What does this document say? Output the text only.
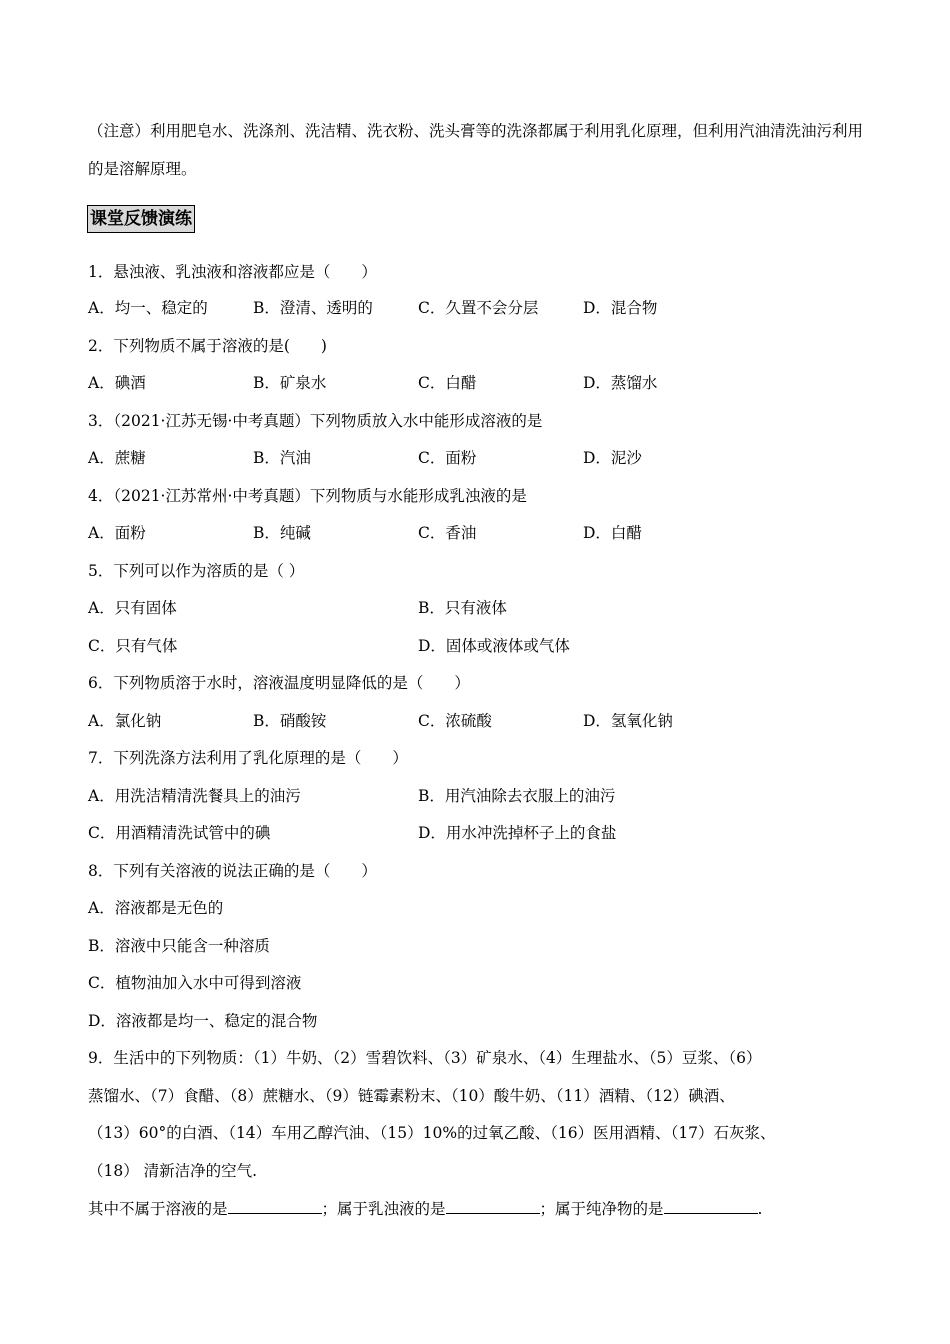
（注意）利用肥皂水、洗涤剂、洗洁精、洗衣粉、洗头膏等的洗涤都属于利用乳化原理，但利用汽油清洗油污利用的是溶解原理。
课堂反馈演练
1．悬浊液、乳浊液和溶液都应是（　　）
A．均一、稳定的	B．澄清、透明的	C．久置不会分层	D．混合物
2．下列物质不属于溶液的是(　　)
A．碘酒	B．矿泉水	C．白醋	D．蒸馏水
3．（2021·江苏无锡·中考真题）下列物质放入水中能形成溶液的是
A．蔗糖	B．汽油	C．面粉	D．泥沙
4．（2021·江苏常州·中考真题）下列物质与水能形成乳浊液的是
A．面粉	B．纯碱	C．香油	D．白醋
5．下列可以作为溶质的是（ ）
A．只有固体	B．只有液体
C．只有气体	D．固体或液体或气体
6．下列物质溶于水时，溶液温度明显降低的是（　　）
A．氯化钠	B．硝酸铵	C．浓硫酸	D．氢氧化钠
7．下列洗涤方法利用了乳化原理的是（　　）
A．用洗洁精清洗餐具上的油污	B．用汽油除去衣服上的油污
C．用酒精清洗试管中的碘	D．用水冲洗掉杯子上的食盐
8．下列有关溶液的说法正确的是（　　）
A．溶液都是无色的
B．溶液中只能含一种溶质
C．植物油加入水中可得到溶液
D．溶液都是均一、稳定的混合物
9．生活中的下列物质：（1）牛奶、（2）雪碧饮料、（3）矿泉水、（4）生理盐水、（5）豆浆、（6）
蒸馏水、（7）食醋、（8）蔗糖水、（9）链霉素粉末、（10）酸牛奶、（11）酒精、（12）碘酒、
（13）60°的白酒、（14）车用乙醇汽油、（15）10%的过氧乙酸、（16）医用酒精、（17）石灰浆、
（18） 清新洁净的空气.
其中不属于溶液的是	；属于乳浊液的是	；属于纯净物的是	.
